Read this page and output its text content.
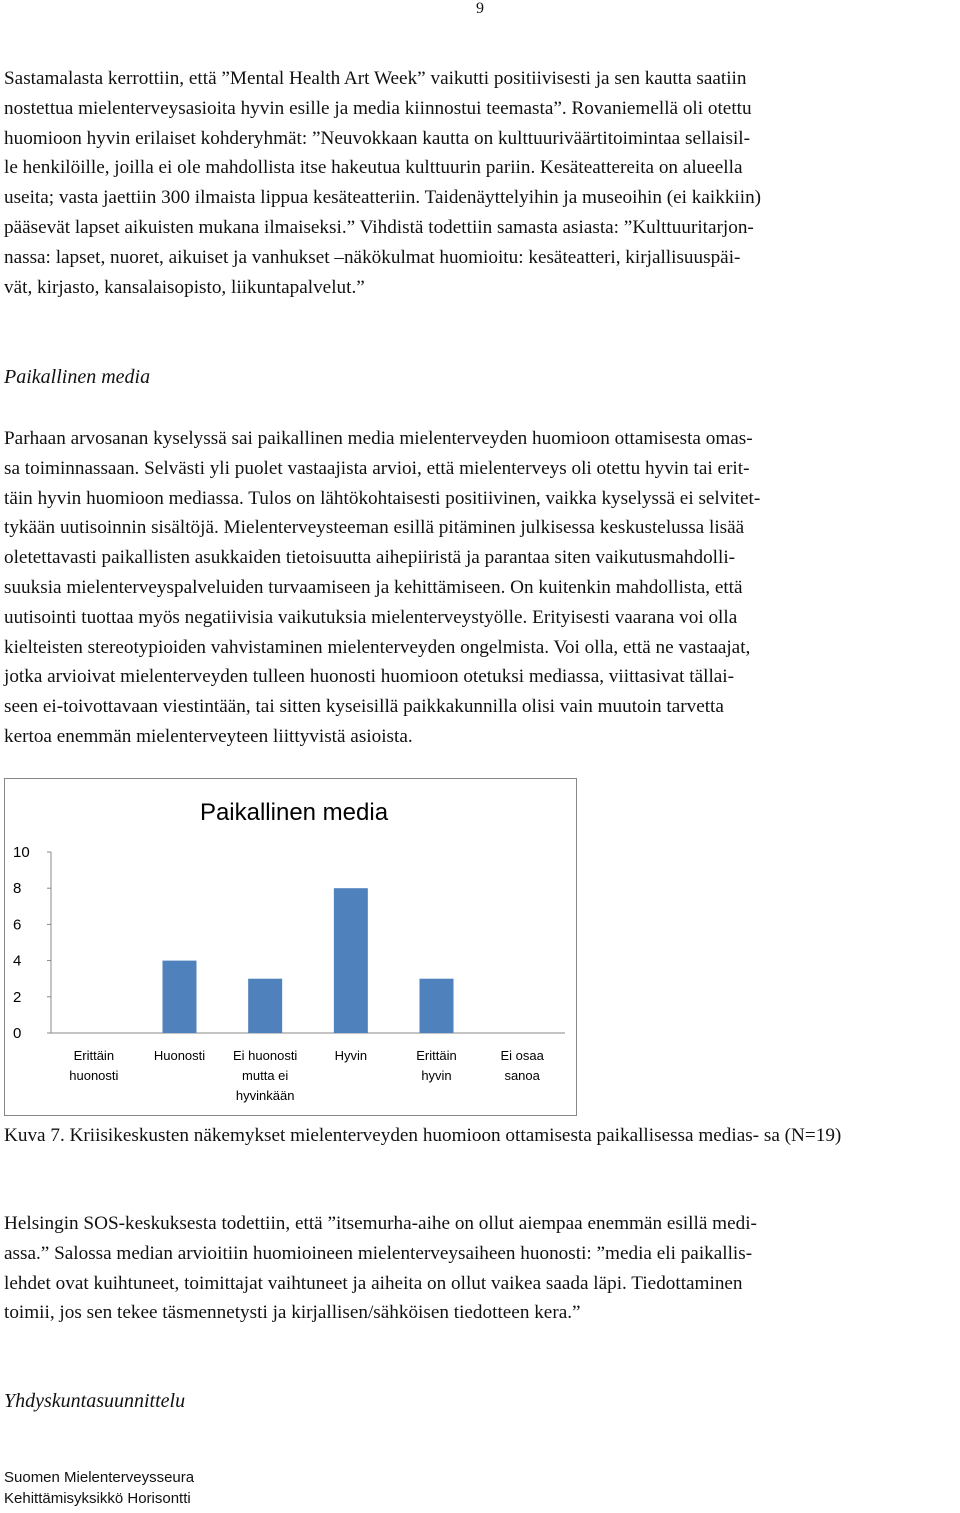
9
Sastamalasta kerrottiin, että ”Mental Health Art Week” vaikutti positiivisesti ja sen kautta saatiin
nostettua mielenterveysasioita hyvin esille ja media kiinnostui teemasta”. Rovaniemellä oli otettu
huomioon hyvin erilaiset kohderyhmät: ”Neuvokkaan kautta on kulttuuriväärtitoimintaa sellaisil-
le henkilöille, joilla ei ole mahdollista itse hakeutua kulttuurin pariin. Kesäteattereita on alueella
useita; vasta jaettiin 300 ilmaista lippua kesäteatteriin. Taidenäyttelyihin ja museoihin (ei kaikkiin)
pääsevät lapset aikuisten mukana ilmaiseksi.” Vihdistä todettiin samasta asiasta: ”Kulttuuritarjon-
nassa: lapset, nuoret, aikuiset ja vanhukset –näkökulmat huomioitu: kesäteatteri, kirjallisuuspäi-
vät, kirjasto, kansalaisopisto, liikuntapalvelut.”
Paikallinen media
Parhaan arvosanan kyselyssä sai paikallinen media mielenterveyden huomioon ottamisesta omas-
sa toiminnassaan. Selvästi yli puolet vastaajista arvioi, että mielenterveys oli otettu hyvin tai erit-
täin hyvin huomioon mediassa. Tulos on lähtökohtaisesti positiivinen, vaikka kyselyssä ei selvitet-
tykään uutisoinnin sisältöjä. Mielenterveysteeman esillä pitäminen julkisessa keskustelussa lisää
oletettavasti paikallisten asukkaiden tietoisuutta aihepiiristä ja parantaa siten vaikutusmahdolli-
suuksia mielenterveyspalveluiden turvaamiseen ja kehittämiseen. On kuitenkin mahdollista, että
uutisointi tuottaa myös negatiivisia vaikutuksia mielenterveystyölle. Erityisesti vaarana voi olla
kielteisten stereotypioiden vahvistaminen mielenterveyden ongelmista. Voi olla, että ne vastaajat,
jotka arvioivat mielenterveyden tulleen huonosti huomioon otetuksi mediassa, viittasivat tällai-
seen ei-toivottavaan viestintään, tai sitten kyseisillä paikkakunnilla olisi vain muutoin tarvetta
kertoa enemmän mielenterveyteen liittyvistä asioista.
Paikallinen media
0
2
4
6
8
10
Erittäin huonosti
Huonosti Ei huonosti mutta ei hyvinkään
Hyvin	Erittäin hyvin
Ei osaa sanoa
Kuva 7. Kriisikeskusten näkemykset mielenterveyden huomioon ottamisesta paikallisessa medias- sa (N=19)
Helsingin SOS-keskuksesta todettiin, että ”itsemurha-aihe on ollut aiempaa enemmän esillä medi-
assa.” Salossa median arvioitiin huomioineen mielenterveysaiheen huonosti: ”media eli paikallis-
lehdet ovat kuihtuneet, toimittajat vaihtuneet ja aiheita on ollut vaikea saada läpi. Tiedottaminen
toimii, jos sen tekee täsmennetysti ja kirjallisen/sähköisen tiedotteen kera.”
Yhdyskuntasuunnittelu
Suomen Mielenterveysseura
Kehittämisyksikkö Horisontti
